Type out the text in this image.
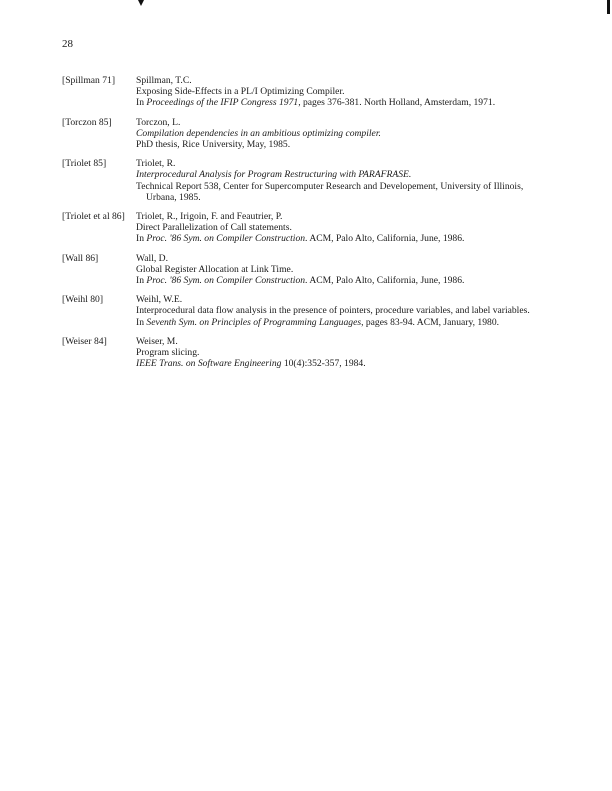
28
[Spillman 71]	Spillman, T.C.
Exposing Side-Effects in a PL/I Optimizing Compiler.
In Proceedings of the IFIP Congress 1971, pages 376-381. North Holland, Amsterdam, 1971.
[Torczon 85]	Torczon, L.
Compilation dependencies in an ambitious optimizing compiler.
PhD thesis, Rice University, May, 1985.
[Triolet 85]	Triolet, R.
Interprocedural Analysis for Program Restructuring with PARAFRASE.
Technical Report 538, Center for Supercomputer Research and Developement, University of Illinois, Urbana, 1985.
[Triolet et al 86]	Triolet, R., Irigoin, F. and Feautrier, P.
Direct Parallelization of Call statements.
In Proc. '86 Sym. on Compiler Construction. ACM, Palo Alto, California, June, 1986.
[Wall 86]	Wall, D.
Global Register Allocation at Link Time.
In Proc. '86 Sym. on Compiler Construction. ACM, Palo Alto, California, June, 1986.
[Weihl 80]	Weihl, W.E.
Interprocedural data flow analysis in the presence of pointers, procedure variables, and label variables.
In Seventh Sym. on Principles of Programming Languages, pages 83-94. ACM, January, 1980.
[Weiser 84]	Weiser, M.
Program slicing.
IEEE Trans. on Software Engineering 10(4):352-357, 1984.
